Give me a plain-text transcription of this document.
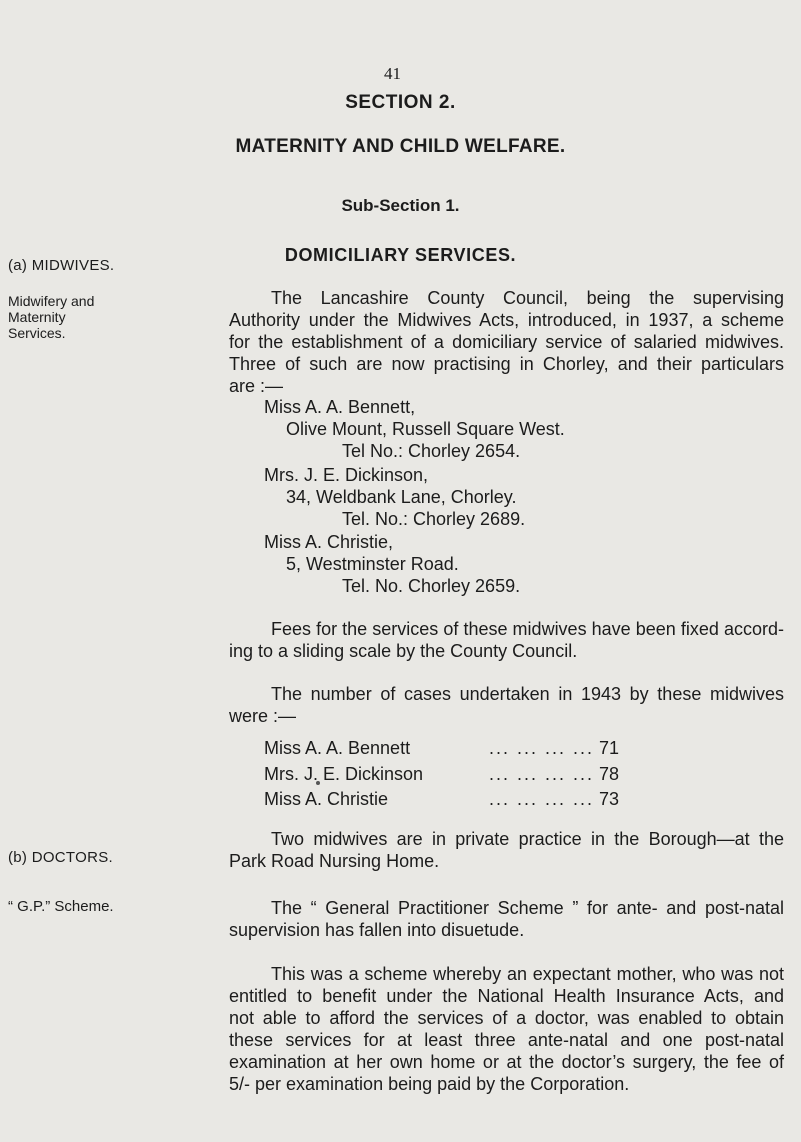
41
SECTION 2.
MATERNITY AND CHILD WELFARE.
Sub-Section 1.
DOMICILIARY SERVICES.
(a) MIDWIVES.
Midwifery and
Maternity
Services.
(b) DOCTORS.
“ G.P.” Scheme.
The Lancashire County Council, being the supervising
Authority under the Midwives Acts, introduced, in 1937, a scheme
for the establishment of a domiciliary service of salaried midwives.
Three of such are now practising in Chorley, and their particulars
are :—
Miss A. A. Bennett,
Olive Mount, Russell Square West.
Tel No.: Chorley 2654.
Mrs. J. E. Dickinson,
34, Weldbank Lane, Chorley.
Tel. No.: Chorley 2689.
Miss A. Christie,
5, Westminster Road.
Tel. No. Chorley 2659.
Fees for the services of these midwives have been fixed accord-
ing to a sliding scale by the County Council.
The number of cases undertaken in 1943 by these midwives
were :—
Miss A. A. Bennett	... ... ... ... 71
Mrs. J. E. Dickinson	... ... ... ... 78
Miss A. Christie	... ... ... ... 73
Two midwives are in private practice in the Borough—at the
Park Road Nursing Home.
The “ General Practitioner Scheme ” for ante- and post-natal
supervision has fallen into disuetude.
This was a scheme whereby an expectant mother, who was not
entitled to benefit under the National Health Insurance Acts, and
not able to afford the services of a doctor, was enabled to obtain
these services for at least three ante-natal and one post-natal
examination at her own home or at the doctor’s surgery, the fee of
5/- per examination being paid by the Corporation.
